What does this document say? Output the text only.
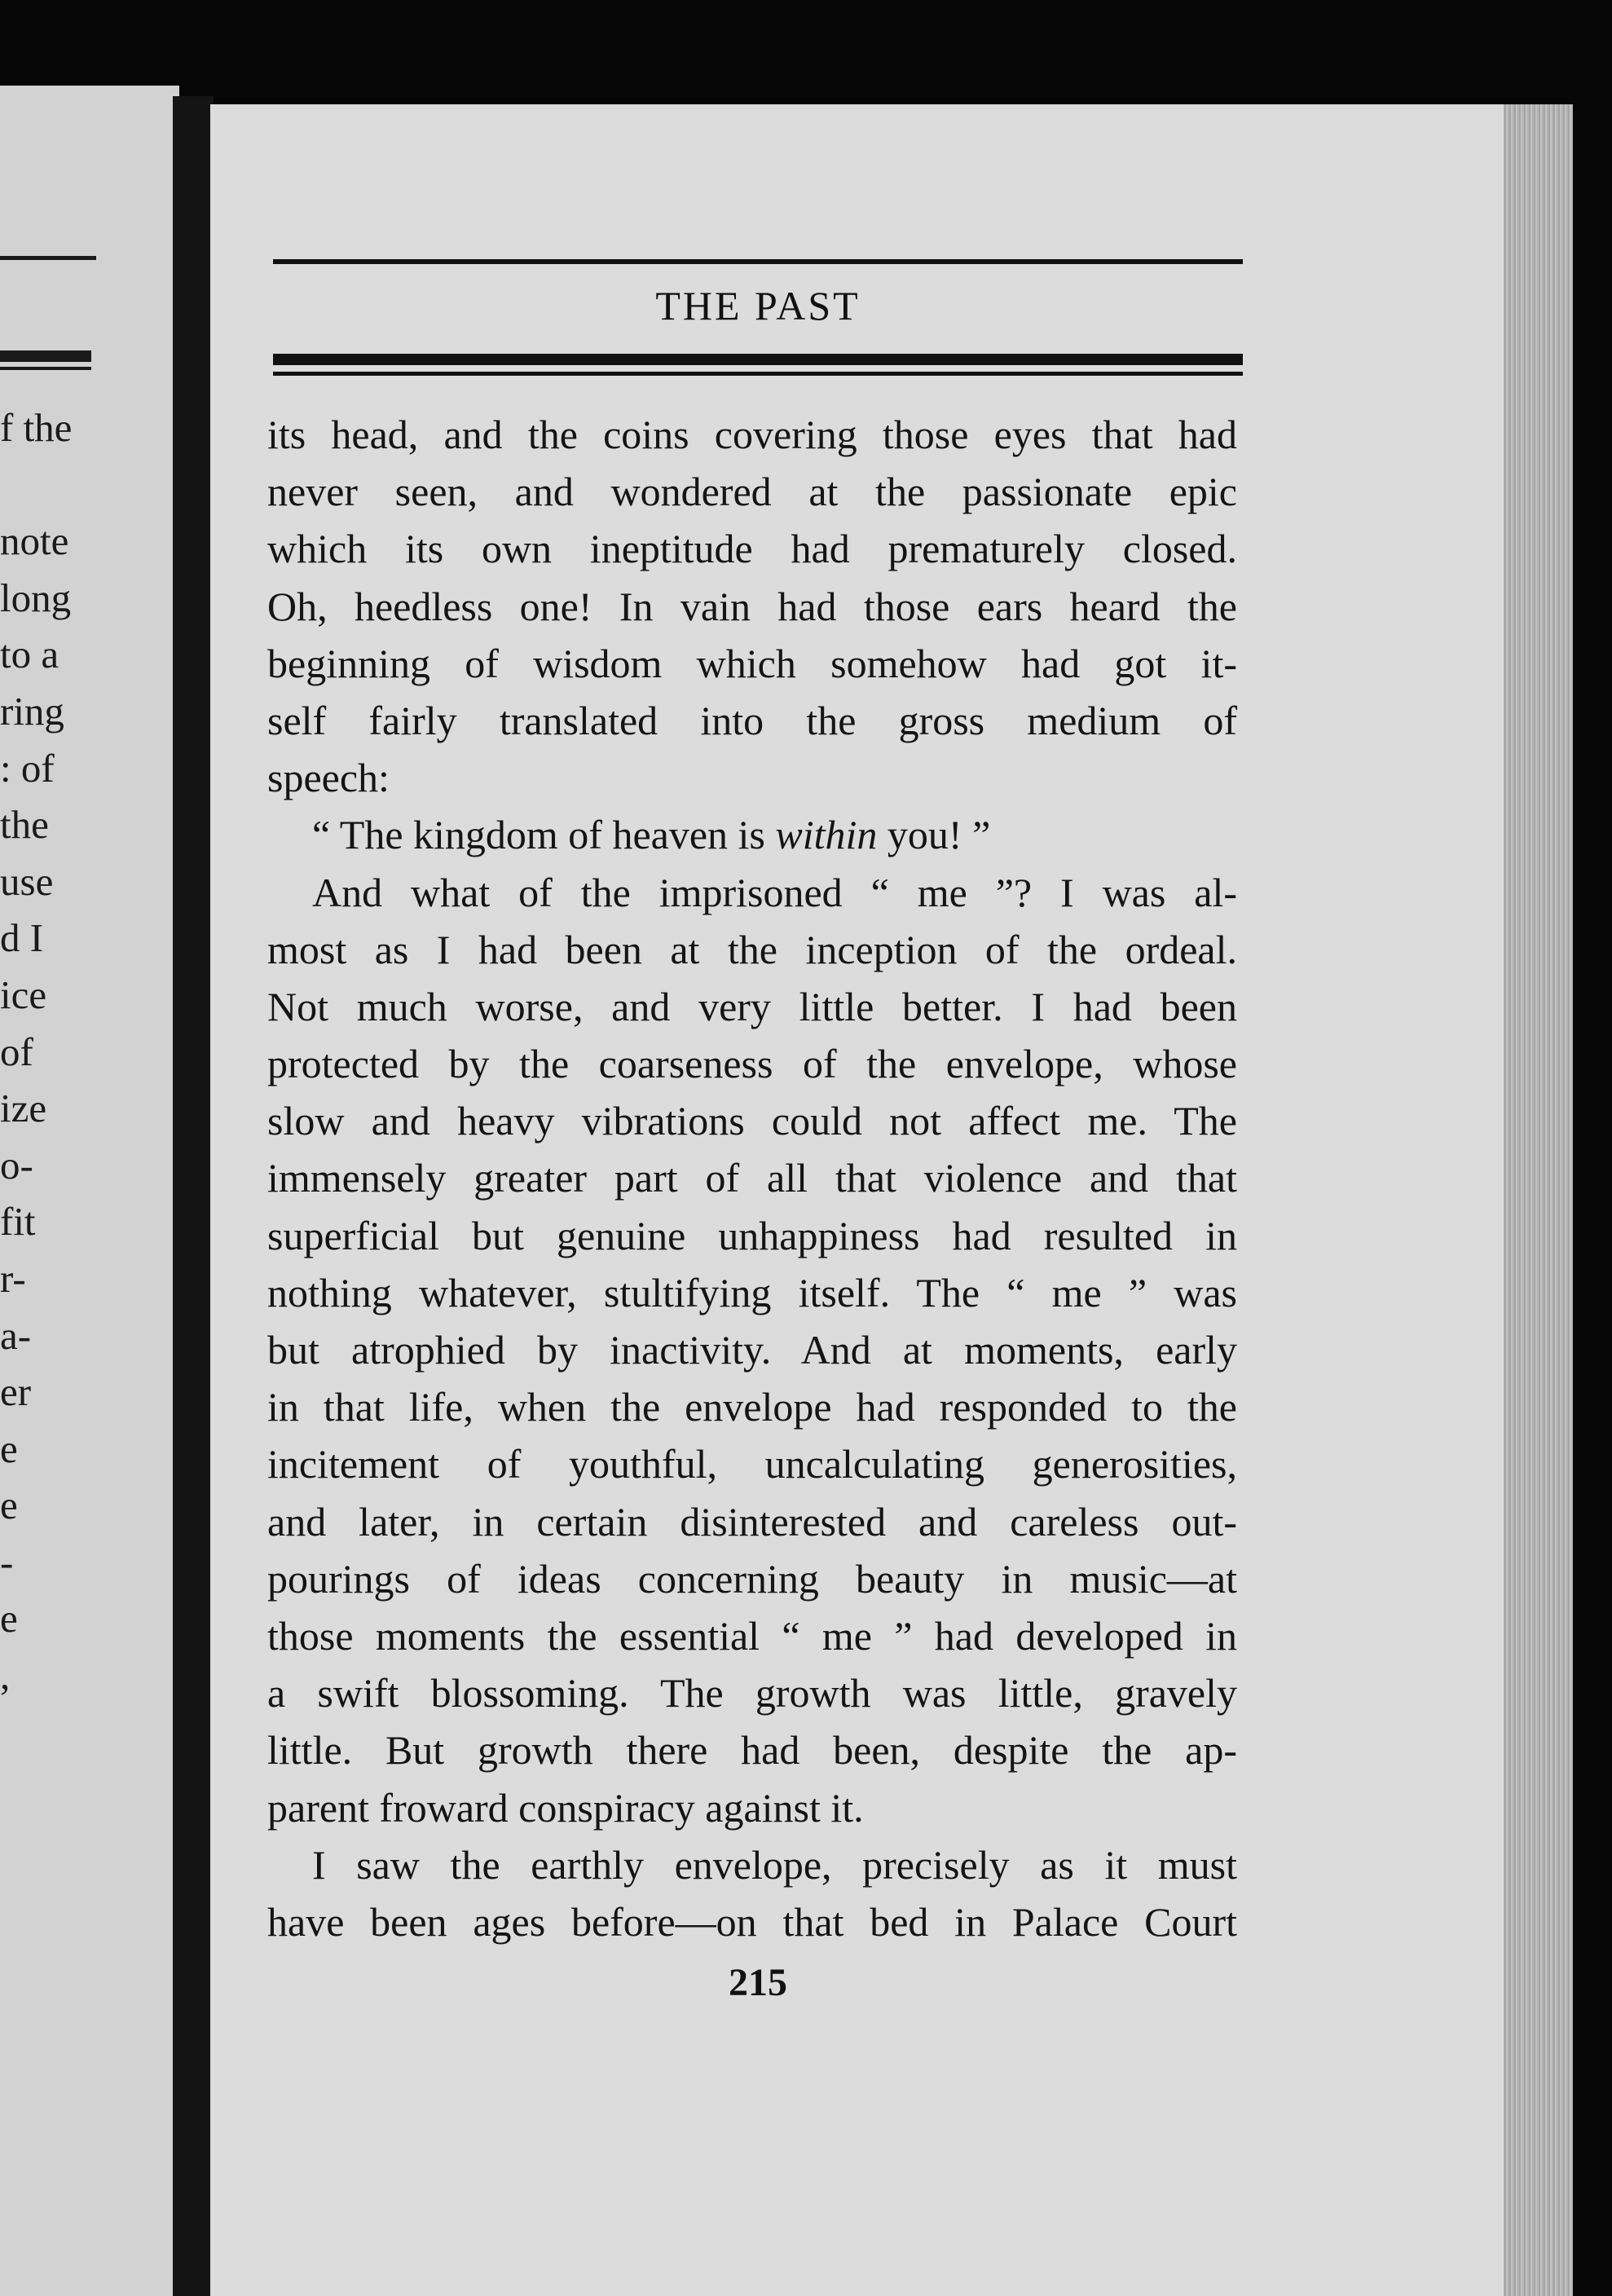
f the
note
long
to a
ring
: of
the
use
d I
ice
of
ize
o-
fit
r-
a-
er
e
e
-
e
,
THE PAST
its head, and the coins covering those eyes that had
never seen, and wondered at the passionate epic
which its own ineptitude had prematurely closed.
Oh, heedless one! In vain had those ears heard the
beginning of wisdom which somehow had got it-
self fairly translated into the gross medium of
speech:
“ The kingdom of heaven is within you! ”
And what of the imprisoned “ me ”? I was al-
most as I had been at the inception of the ordeal.
Not much worse, and very little better. I had been
protected by the coarseness of the envelope, whose
slow and heavy vibrations could not affect me. The
immensely greater part of all that violence and that
superficial but genuine unhappiness had resulted in
nothing whatever, stultifying itself. The “ me ” was
but atrophied by inactivity. And at moments, early
in that life, when the envelope had responded to the
incitement of youthful, uncalculating generosities,
and later, in certain disinterested and careless out-
pourings of ideas concerning beauty in music—at
those moments the essential “ me ” had developed in
a swift blossoming. The growth was little, gravely
little. But growth there had been, despite the ap-
parent froward conspiracy against it.
I saw the earthly envelope, precisely as it must
have been ages before—on that bed in Palace Court
215
